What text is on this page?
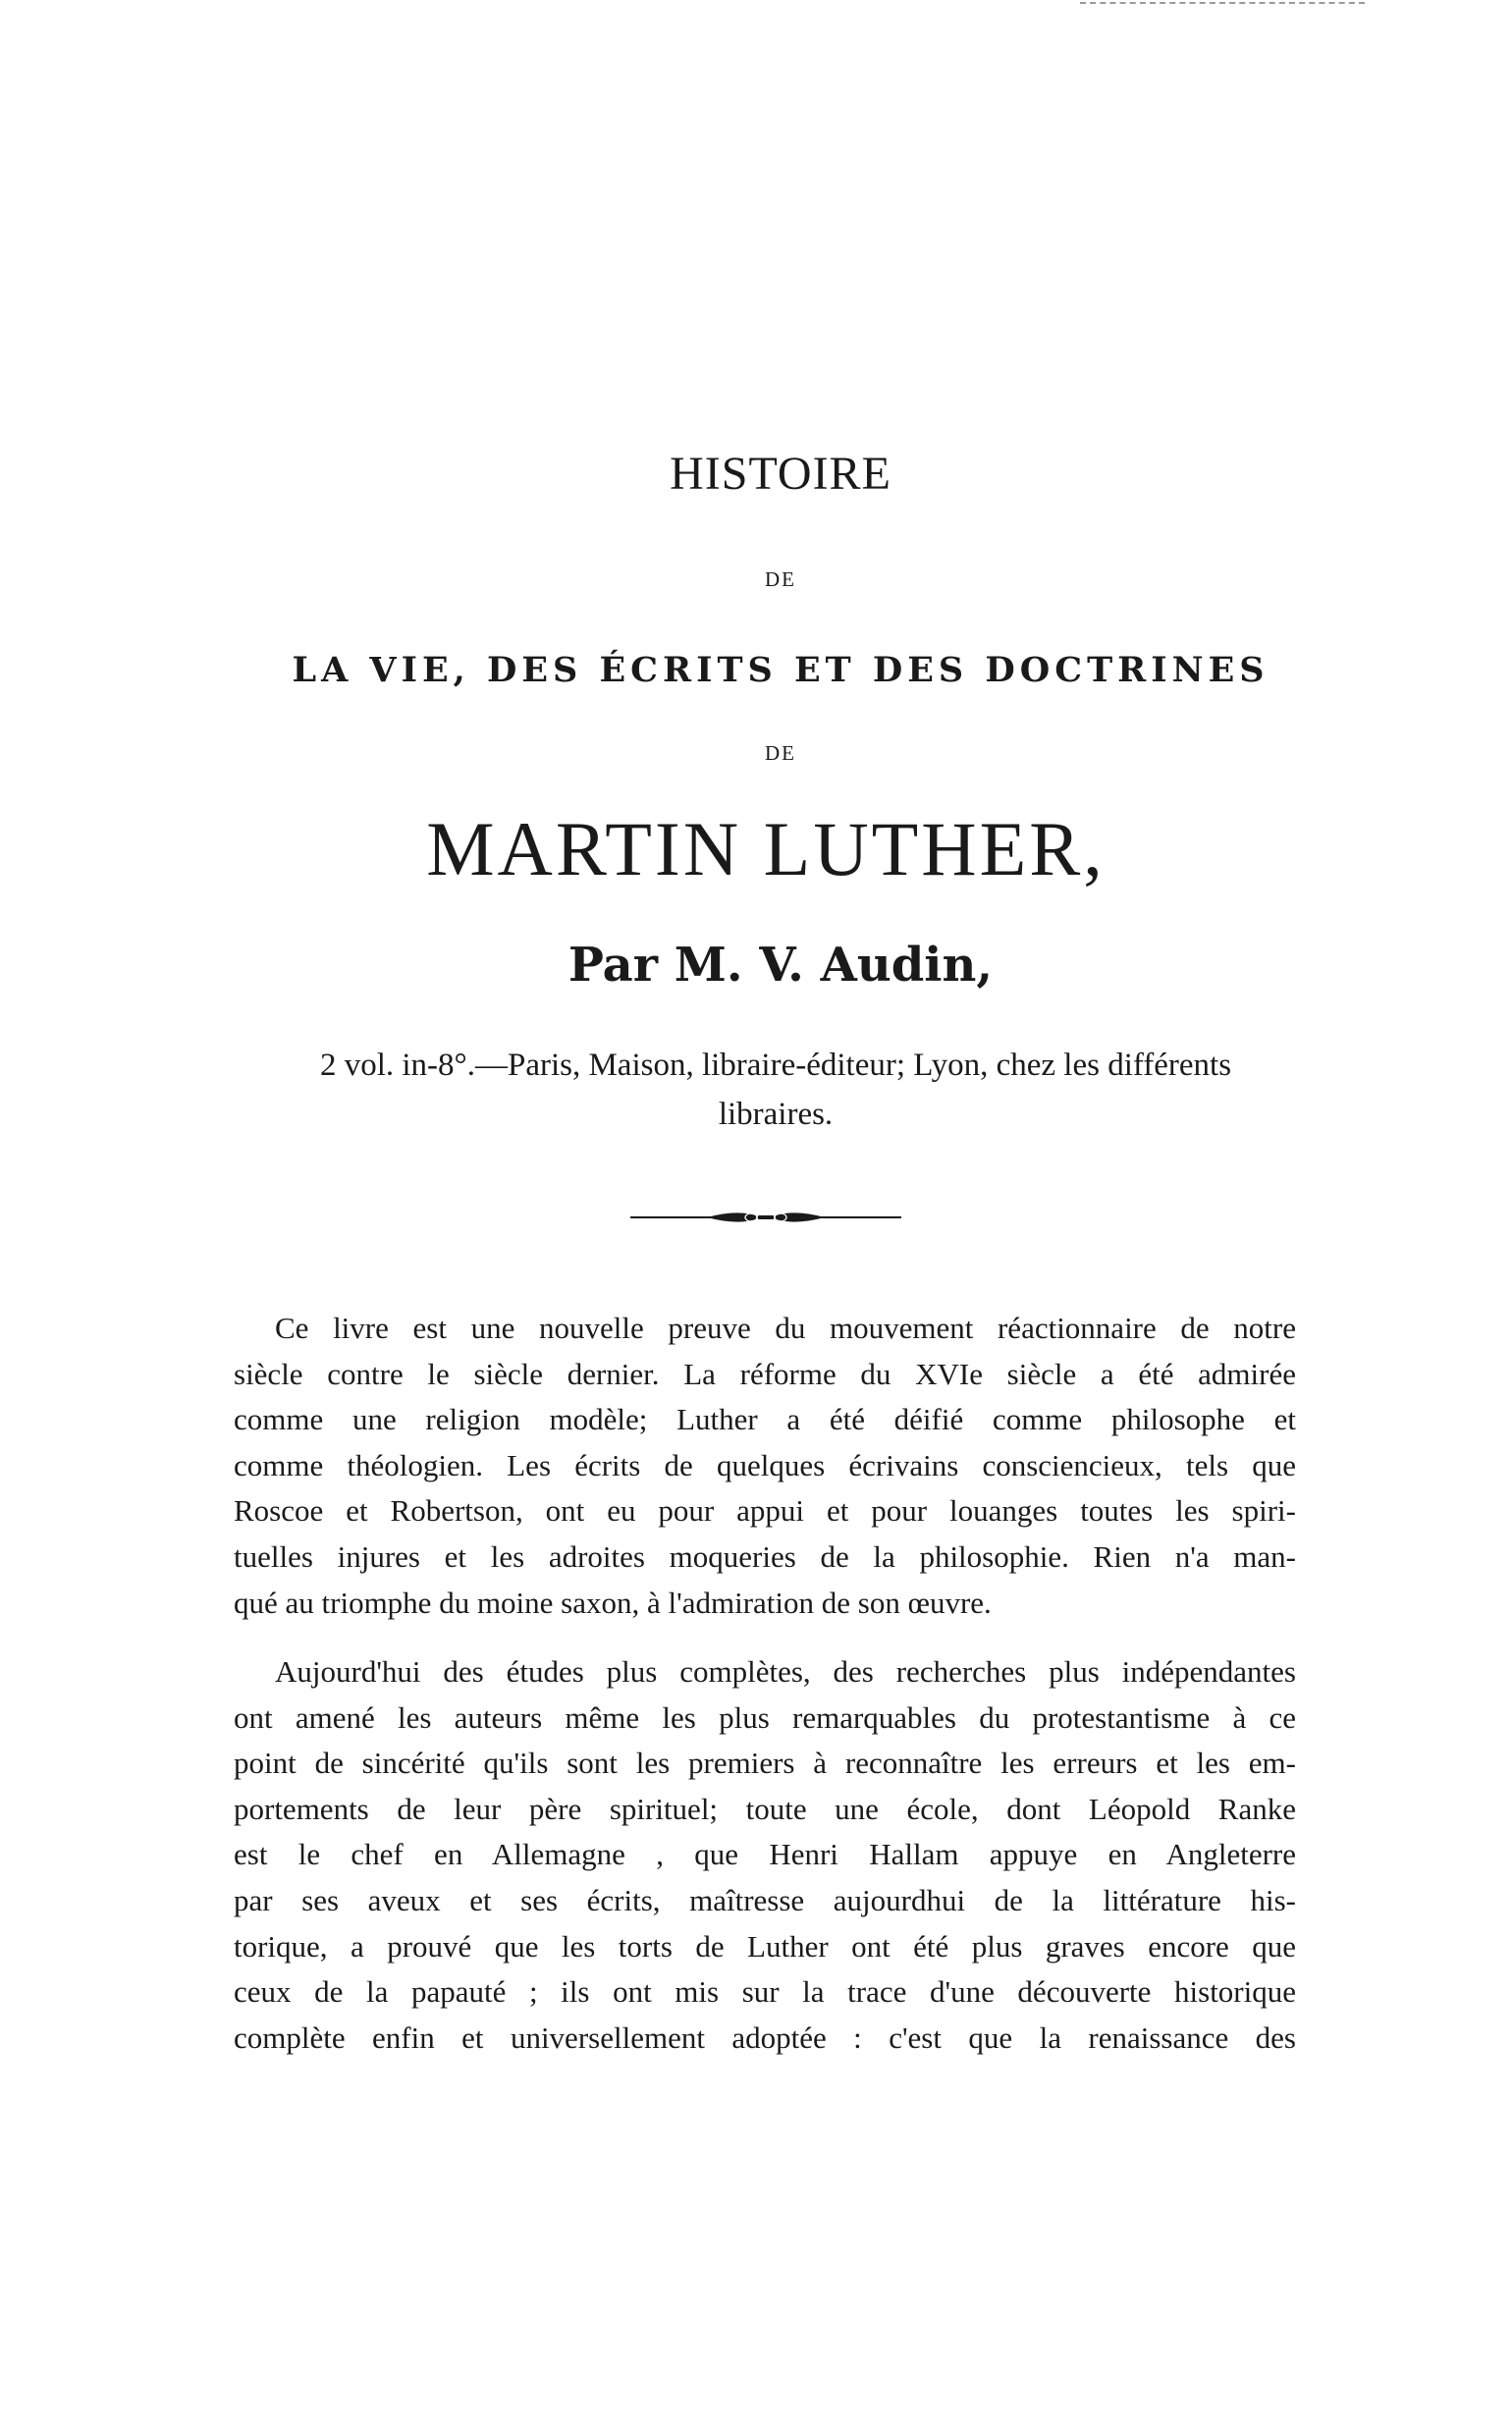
HISTOIRE
DE
LA VIE, DES ÉCRITS ET DES DOCTRINES
DE
MARTIN LUTHER,
Par M. V. Audin,
2 vol. in-8°.—Paris, Maison, libraire-éditeur; Lyon, chez les différents
libraires.
Ce livre est une nouvelle preuve du mouvement réactionnaire de notre
siècle contre le siècle dernier. La réforme du XVIe siècle a été admirée
comme une religion modèle; Luther a été déifié comme philosophe et
comme théologien. Les écrits de quelques écrivains consciencieux, tels que
Roscoe et Robertson, ont eu pour appui et pour louanges toutes les spiri-
tuelles injures et les adroites moqueries de la philosophie. Rien n'a man-
qué au triomphe du moine saxon, à l'admiration de son œuvre.
Aujourd'hui des études plus complètes, des recherches plus indépendantes
ont amené les auteurs même les plus remarquables du protestantisme à ce
point de sincérité qu'ils sont les premiers à reconnaître les erreurs et les em-
portements de leur père spirituel; toute une école, dont Léopold Ranke
est le chef en Allemagne , que Henri Hallam appuye en Angleterre
par ses aveux et ses écrits, maîtresse aujourdhui de la littérature his-
torique, a prouvé que les torts de Luther ont été plus graves encore que
ceux de la papauté ; ils ont mis sur la trace d'une découverte historique
complète enfin et universellement adoptée : c'est que la renaissance des
